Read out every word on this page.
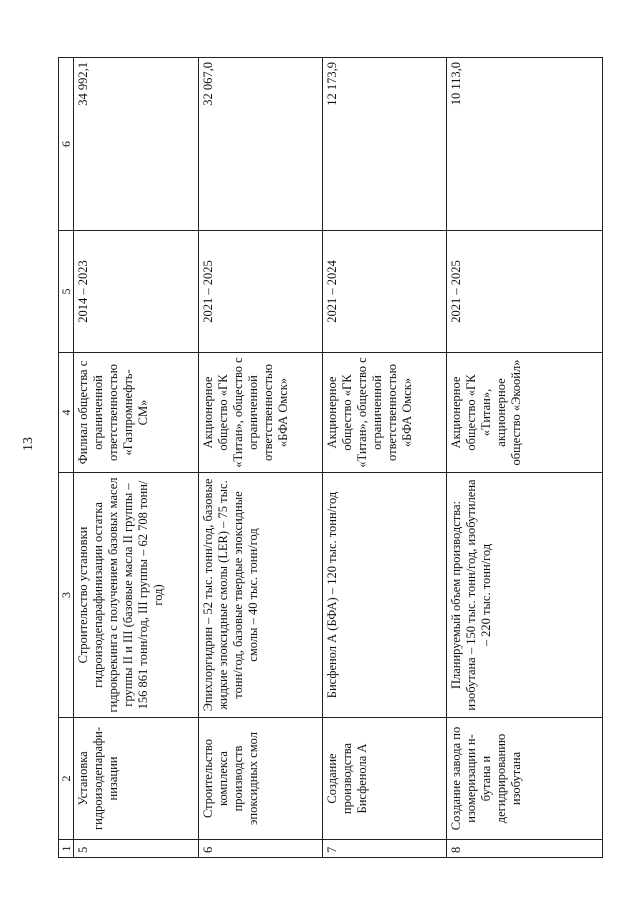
13
1	2	3	4	5	6
5	Установка гидроизодепарафи-низации	Строительство установки гидроизодепарафинизации остатка гидрокрекинга с получением базовых масел группы II и III (базовые масла II группы – 156 861 тонн/год, III группы – 62 708 тонн/год)	Филиал общества с ограниченной ответственностью «Газпромнефть-СМ»	2014 – 2023	34 992,1
6	Строительство комплекса производств эпоксидных смол	Эпихлоргидрин – 52 тыс. тонн/год, базовые жидкие эпоксидные смолы (LER) – 75 тыс. тонн/год, базовые твердые эпоксидные смолы – 40 тыс. тонн/год	Акционерное общество «ГК «Титан», общество с ограниченной ответственностью «БФА Омск»	2021 – 2025	32 067,0
7	Создание производства Бисфенола А	Бисфенол А (БФА) – 120 тыс. тонн/год	Акционерное общество «ГК «Титан», общество с ограниченной ответственностью «БФА Омск»	2021 – 2024	12 173,9
8	Создание завода по изомеризации н-бутана и дегидрированию изобутана	Планируемый объем производства: изобутана – 150 тыс. тонн/год, изобутилена – 220 тыс. тонн/год	Акционерное общество «ГК «Титан», акционерное общество «Экоойл»	2021 – 2025	10 113,0
